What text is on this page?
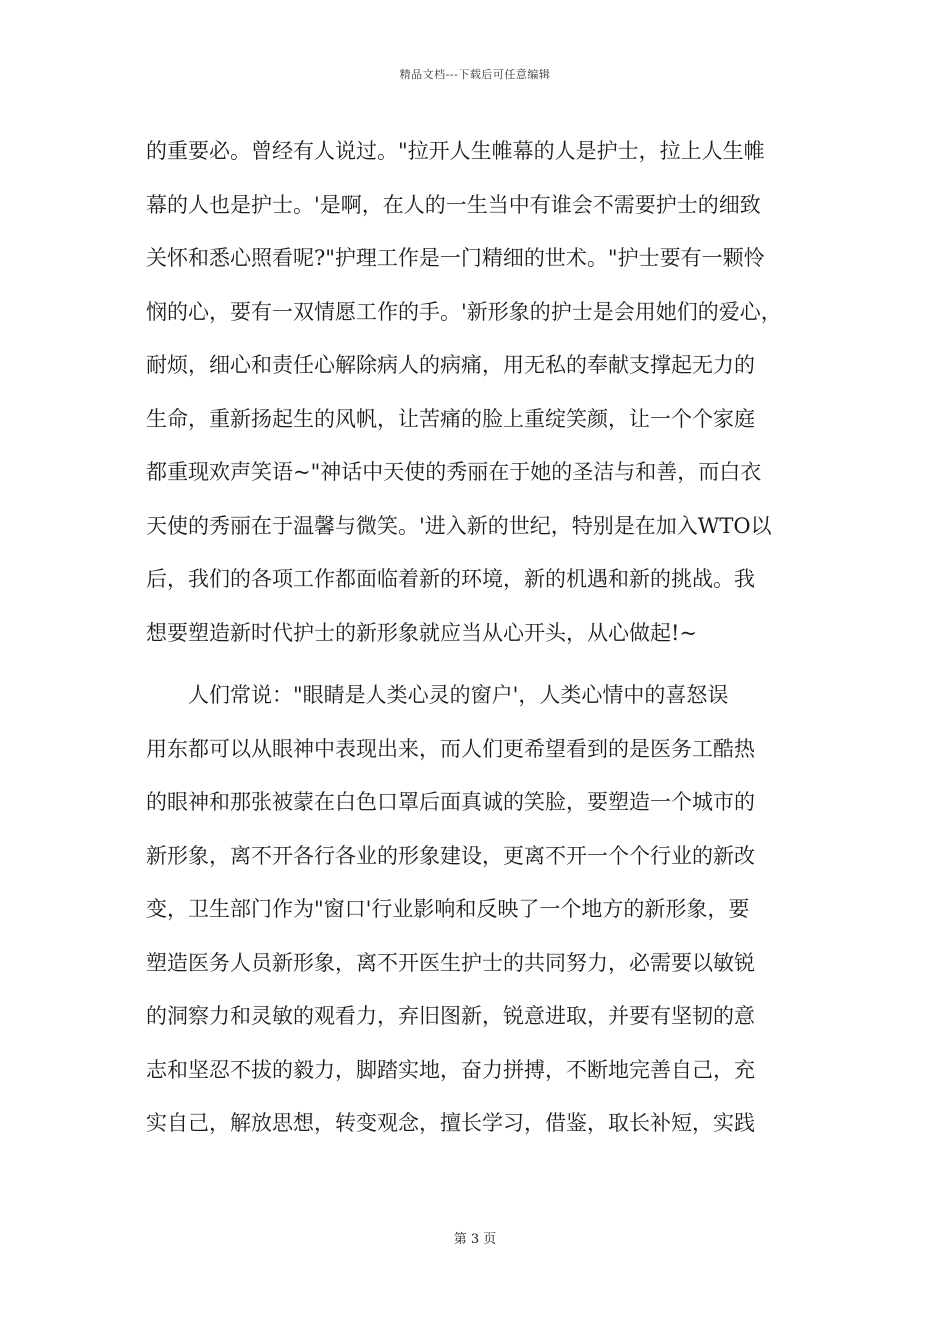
精品文档---下载后可任意编辑
的重要必。曾经有人说过。"拉开人生帷幕的人是护士，拉上人生帷
幕的人也是护士。'是啊，在人的一生当中有谁会不需要护士的细致
关怀和悉心照看呢?"护理工作是一门精细的世术。"护士要有一颗怜
悯的心，要有一双情愿工作的手。'新形象的护士是会用她们的爱心，
耐烦，细心和责任心解除病人的病痛，用无私的奉献支撑起无力的
生命，重新扬起生的风帆，让苦痛的脸上重绽笑颜，让一个个家庭
都重现欢声笑语~"神话中天使的秀丽在于她的圣洁与和善，而白衣
天使的秀丽在于温馨与微笑。'进入新的世纪，特别是在加入WTO以
后，我们的各项工作都面临着新的环境，新的机遇和新的挑战。我
想要塑造新时代护士的新形象就应当从心开头，从心做起!~
　　人们常说："眼睛是人类心灵的窗户'，人类心情中的喜怒误
用东都可以从眼神中表现出来，而人们更希望看到的是医务工酷热
的眼神和那张被蒙在白色口罩后面真诚的笑脸，要塑造一个城市的
新形象，离不开各行各业的形象建设，更离不开一个个行业的新改
变，卫生部门作为"窗口'行业影响和反映了一个地方的新形象，要
塑造医务人员新形象，离不开医生护士的共同努力，必需要以敏锐
的洞察力和灵敏的观看力，弃旧图新，锐意进取，并要有坚韧的意
志和坚忍不拔的毅力，脚踏实地，奋力拼搏，不断地完善自己，充
实自己，解放思想，转变观念，擅长学习，借鉴，取长补短，实践
第 3 页
